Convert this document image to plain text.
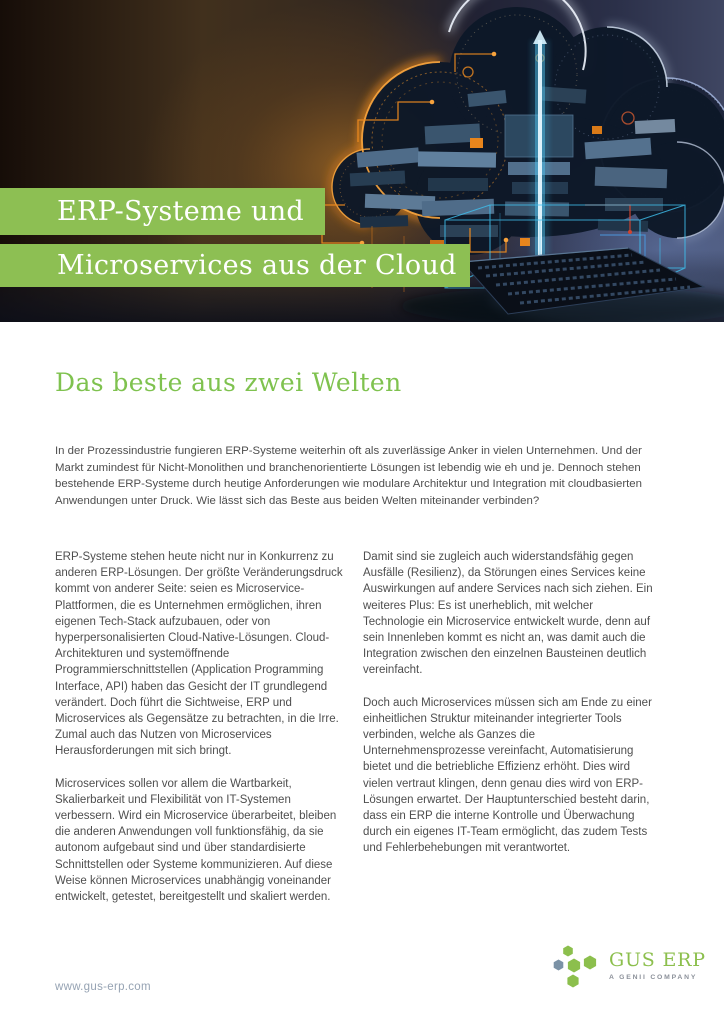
ERP-Systeme und
Microservices aus der Cloud
Das beste aus zwei Welten

In der Prozessindustrie fungieren ERP-Systeme weiterhin oft als zuverlässige Anker in vielen Unternehmen. Und der Markt zumindest für Nicht-Monolithen und branchenorientierte Lösungen ist lebendig wie eh und je. Dennoch stehen bestehende ERP-Systeme durch heutige Anforderungen wie modulare Architektur und Integration mit cloudbasierten Anwendungen unter Druck. Wie lässt sich das Beste aus beiden Welten miteinander verbinden?

ERP-Systeme stehen heute nicht nur in Konkurrenz zu anderen ERP-Lösungen. Der größte Veränderungsdruck kommt von anderer Seite: seien es Microservice-Plattformen, die es Unternehmen ermöglichen, ihren eigenen Tech-Stack aufzubauen, oder von hyperpersonalisierten Cloud-Native-Lösungen. Cloud-Architekturen und systemöffnende Programmierschnittstellen (Application Programming Interface, API) haben das Gesicht der IT grundlegend verändert. Doch führt die Sichtweise, ERP und Microservices als Gegensätze zu betrachten, in die Irre. Zumal auch das Nutzen von Microservices Herausforderungen mit sich bringt.

Microservices sollen vor allem die Wartbarkeit, Skalierbarkeit und Flexibilität von IT-Systemen verbessern. Wird ein Microservice überarbeitet, bleiben die anderen Anwendungen voll funktionsfähig, da sie autonom aufgebaut sind und über standardisierte Schnittstellen oder Systeme kommunizieren. Auf diese Weise können Microservices unabhängig voneinander entwickelt, getestet, bereitgestellt und skaliert werden.

Damit sind sie zugleich auch widerstandsfähig gegen Ausfälle (Resilienz), da Störungen eines Services keine Auswirkungen auf andere Services nach sich ziehen. Ein weiteres Plus: Es ist unerheblich, mit welcher Technologie ein Microservice entwickelt wurde, denn auf sein Innenleben kommt es nicht an, was damit auch die Integration zwischen den einzelnen Bausteinen deutlich vereinfacht.

Doch auch Microservices müssen sich am Ende zu einer einheitlichen Struktur miteinander integrierter Tools verbinden, welche als Ganzes die Unternehmensprozesse vereinfacht, Automatisierung bietet und die betriebliche Effizienz erhöht. Dies wird vielen vertraut klingen, denn genau dies wird von ERP-Lösungen erwartet. Der Hauptunterschied besteht darin, dass ein ERP die interne Kontrolle und Überwachung durch ein eigenes IT-Team ermöglicht, das zudem Tests und Fehlerbehebungen mit verantwortet.

www.gus-erp.com
GUS ERP
A GENII COMPANY
